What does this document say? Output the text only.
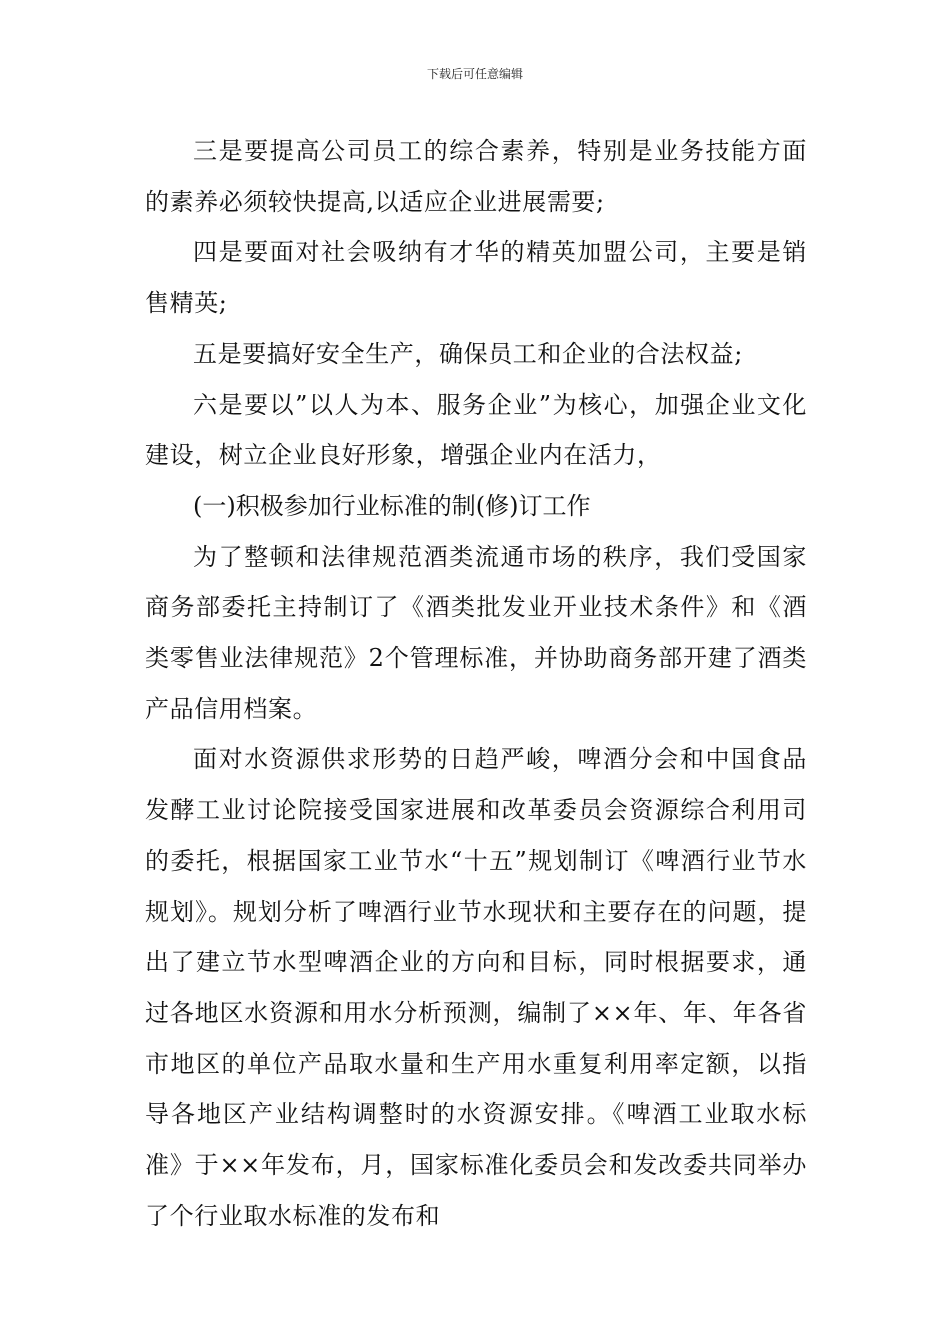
下载后可任意编辑

三是要提高公司员工的综合素养，特别是业务技能方面的素养必须较快提高,以适应企业进展需要;

四是要面对社会吸纳有才华的精英加盟公司，主要是销售精英;

五是要搞好安全生产，确保员工和企业的合法权益;

六是要以”以人为本、服务企业”为核心，加强企业文化建设，树立企业良好形象，增强企业内在活力，

(一)积极参加行业标准的制(修)订工作

为了整顿和法律规范酒类流通市场的秩序，我们受国家商务部委托主持制订了《酒类批发业开业技术条件》和《酒类零售业法律规范》2个管理标准，并协助商务部开建了酒类产品信用档案。

面对水资源供求形势的日趋严峻，啤酒分会和中国食品发酵工业讨论院接受国家进展和改革委员会资源综合利用司的委托，根据国家工业节水“十五”规划制订《啤酒行业节水规划》。规划分析了啤酒行业节水现状和主要存在的问题，提出了建立节水型啤酒企业的方向和目标，同时根据要求，通过各地区水资源和用水分析预测，编制了××年、年、年各省市地区的单位产品取水量和生产用水重复利用率定额，以指导各地区产业结构调整时的水资源安排。《啤酒工业取水标准》于××年发布，月，国家标准化委员会和发改委共同举办了个行业取水标准的发布和
